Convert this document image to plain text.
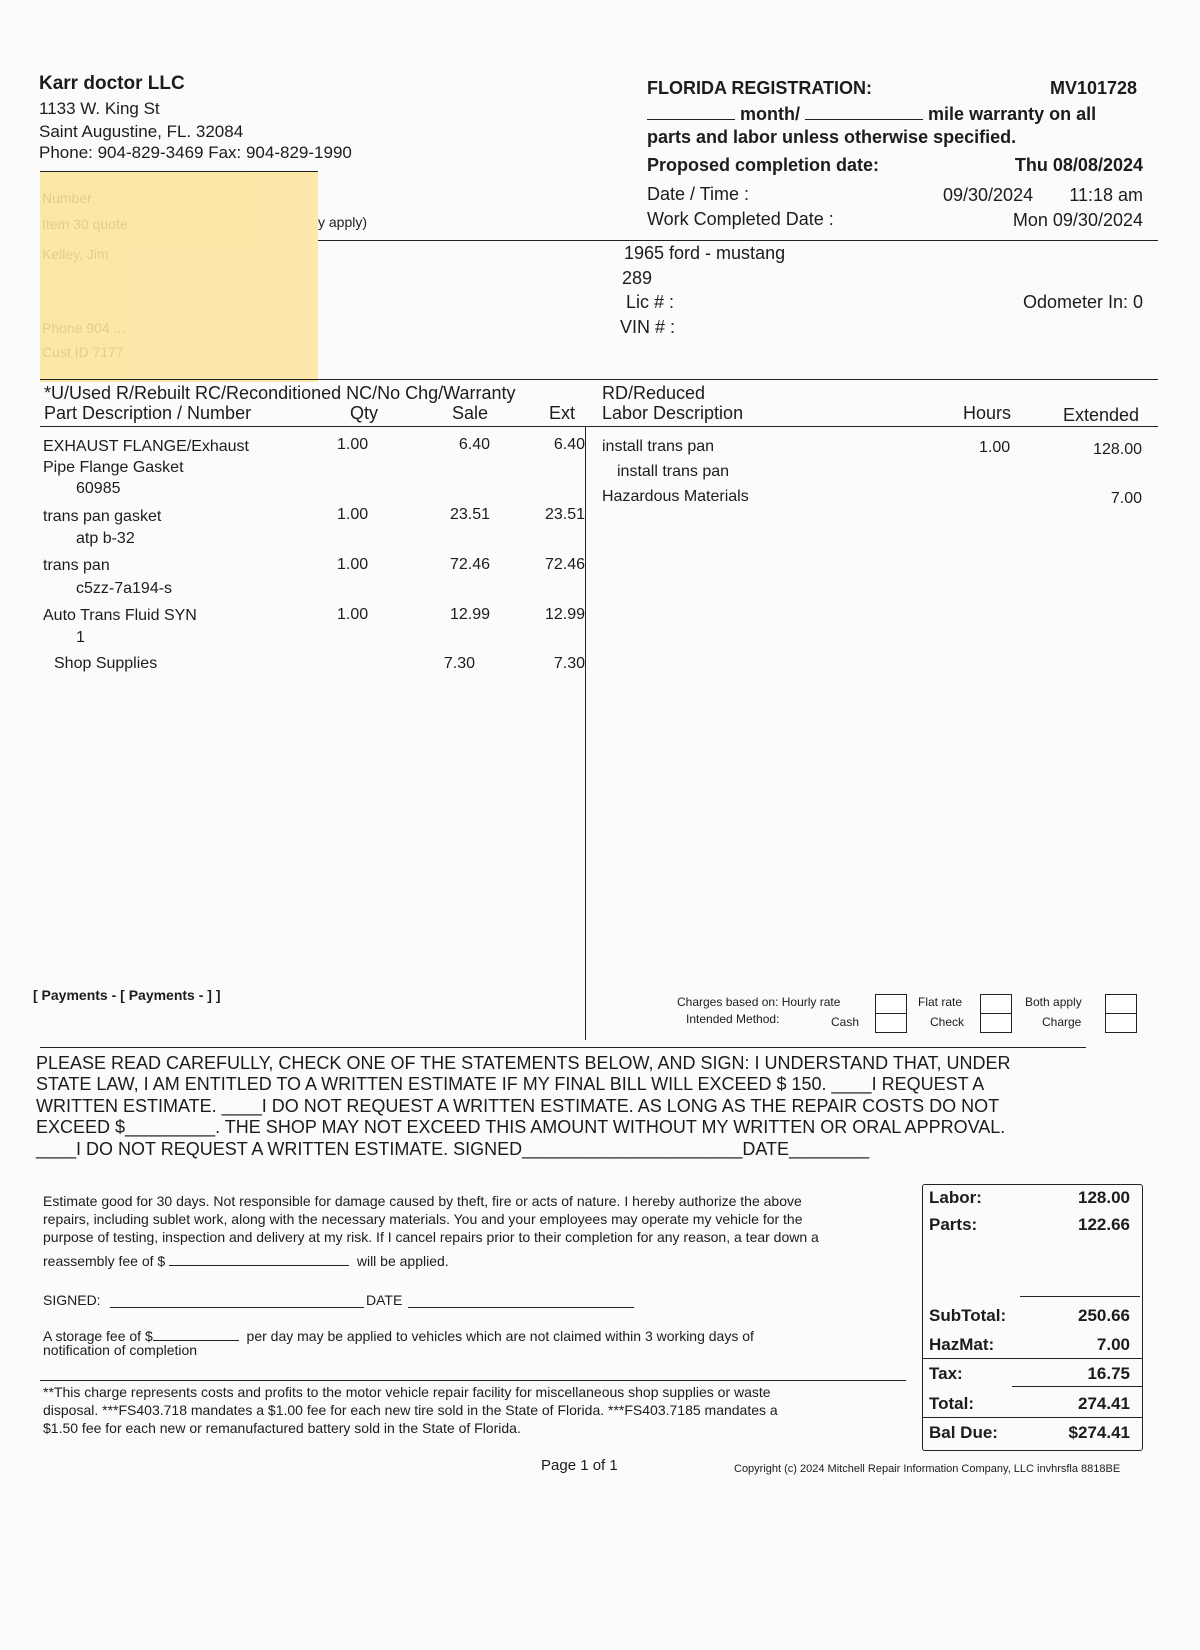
Karr doctor LLC
1133 W. King St
Saint Augustine, FL. 32084
Phone: 904-829-3469 Fax: 904-829-1990
y apply)
Number
Item 30 quote
Kelley, Jim
Phone 904 ...
Cust ID 7177
FLORIDA REGISTRATION:	MV101728
month/	mile warranty on all
parts and labor unless otherwise specified.
Proposed completion date:	Thu 08/08/2024
Date / Time :	09/30/2024	11:18 am
Work Completed Date :	Mon 09/30/2024
1965 ford - mustang
289
Lic # :
VIN # :
Odometer In: 0
*U/Used R/Rebuilt RC/Reconditioned NC/No Chg/Warranty
Part Description / Number	Qty	Sale	Ext
EXHAUST FLANGE/Exhaust
Pipe Flange Gasket
60985
1.00	6.40	6.40
trans pan gasket
atp b-32
1.00	23.51	23.51
trans pan
c5zz-7a194-s
1.00	72.46	72.46
Auto Trans Fluid SYN
1
1.00	12.99	12.99
Shop Supplies	7.30	7.30
RD/Reduced
Labor Description	Hours	Extended
install trans pan
install trans pan
1.00	128.00
Hazardous Materials	7.00
[ Payments - [ Payments - ] ]	Charges based on: Hourly rate	Flat rate	Both apply
Intended Method:	Cash	Check	Charge
PLEASE READ CAREFULLY, CHECK ONE OF THE STATEMENTS BELOW, AND SIGN: I UNDERSTAND THAT, UNDER
STATE LAW, I AM ENTITLED TO A WRITTEN ESTIMATE IF MY FINAL BILL WILL EXCEED $ 150. ____I REQUEST A
WRITTEN ESTIMATE. ____I DO NOT REQUEST A WRITTEN ESTIMATE. AS LONG AS THE REPAIR COSTS DO NOT
EXCEED $_________. THE SHOP MAY NOT EXCEED THIS AMOUNT WITHOUT MY WRITTEN OR ORAL APPROVAL.
____I DO NOT REQUEST A WRITTEN ESTIMATE. SIGNED______________________DATE________
Estimate good for 30 days. Not responsible for damage caused by theft, fire or acts of nature. I hereby authorize the above
repairs, including sublet work, along with the necessary materials. You and your employees may operate my vehicle for the
purpose of testing, inspection and delivery at my risk. If I cancel repairs prior to their completion for any reason, a tear down a
reassembly fee of $	will be applied.
SIGNED:	DATE
A storage fee of $	per day may be applied to vehicles which are not claimed within 3 working days of
notification of completion
**This charge represents costs and profits to the motor vehicle repair facility for miscellaneous shop supplies or waste
disposal. ***FS403.718 mandates a $1.00 fee for each new tire sold in the State of Florida. ***FS403.7185 mandates a
$1.50 fee for each new or remanufactured battery sold in the State of Florida.
Labor:	128.00
Parts:	122.66
SubTotal:	250.66
HazMat:	7.00
Tax:	16.75
Total:	274.41
Bal Due:	$274.41
Page 1 of 1	Copyright (c) 2024 Mitchell Repair Information Company, LLC invhrsfla 8818BE
